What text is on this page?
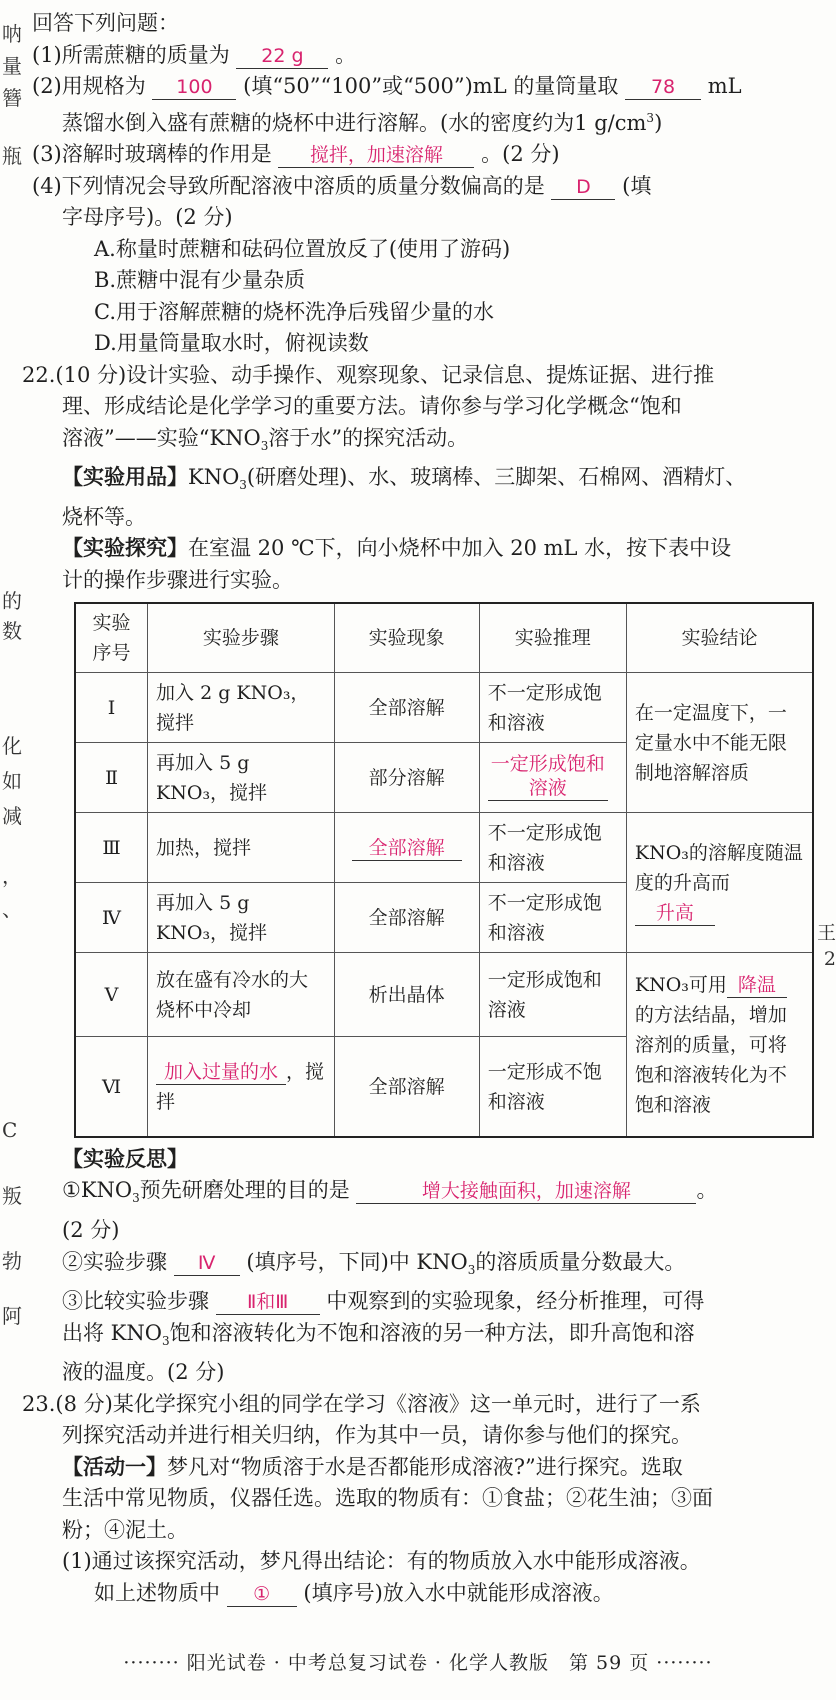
呐
量
簪
瓶
的
数
化
如
减
，
、
C
叛
勃
阿
王
2
回答下列问题：
(1)所需蔗糖的质量为 22 g 。
(2)用规格为 100 (填“50”“100”或“500”)mL 的量筒量取 78 mL
蒸馏水倒入盛有蔗糖的烧杯中进行溶解。(水的密度约为1 $g/cm^3$)
(3)溶解时玻璃棒的作用是 搅拌，加速溶解 。(2 分)
(4)下列情况会导致所配溶液中溶质的质量分数偏高的是 D (填
字母序号)。(2 分)
A.称量时蔗糖和砝码位置放反了(使用了游码)
B.蔗糖中混有少量杂质
C.用于溶解蔗糖的烧杯洗净后残留少量的水
D.用量筒量取水时，俯视读数
22.(10 分)设计实验、动手操作、观察现象、记录信息、提炼证据、进行推
理、形成结论是化学学习的重要方法。请你参与学习化学概念“饱和
溶液”——实验“$KNO_3$溶于水”的探究活动。
【实验用品】$KNO_3$(研磨处理)、水、玻璃棒、三脚架、石棉网、酒精灯、
烧杯等。
【实验探究】在室温 20 ℃下，向小烧杯中加入 20 mL 水，按下表中设
计的操作步骤进行实验。
实验序号	实验步骤	实验现象	实验推理	实验结论
Ⅰ	加入 2 g KNO₃，搅拌	全部溶解	不一定形成饱和溶液	在一定温度下，一定量水中不能无限制地溶解溶质
Ⅱ	再加入 5 g KNO₃，搅拌	部分溶解	一定形成饱和溶液	
Ⅲ	加热，搅拌	全部溶解	不一定形成饱和溶液	KNO₃的溶解度随温度的升高而 升高
Ⅳ	再加入 5 g KNO₃，搅拌	全部溶解	不一定形成饱和溶液	
Ⅴ	放在盛有冷水的大烧杯中冷却	析出晶体	一定形成饱和溶液	KNO₃可用 降温的方法结晶，增加溶剂的质量，可将饱和溶液转化为不饱和溶液
Ⅵ	加入过量的水 ，搅拌	全部溶解	一定形成不饱和溶液	
【实验反思】
$①KNO_3$预先研磨处理的目的是	增大接触面积，加速溶解	。
(2 分)
②实验步骤 Ⅳ (填序号，下同)中 $KNO_3$的溶质质量分数最大。
③比较实验步骤 Ⅱ和Ⅲ 中观察到的实验现象，经分析推理，可得
出将 $KNO_3$饱和溶液转化为不饱和溶液的另一种方法，即升高饱和溶
液的温度。(2 分)
23.(8 分)某化学探究小组的同学在学习《溶液》这一单元时，进行了一系
列探究活动并进行相关归纳，作为其中一员，请你参与他们的探究。
【活动一】梦凡对“物质溶于水是否都能形成溶液?”进行探究。选取
生活中常见物质，仪器任选。选取的物质有：①食盐；②花生油；③面
粉；④泥土。
(1)通过该探究活动，梦凡得出结论：有的物质放入水中能形成溶液。
如上述物质中 ① (填序号)放入水中就能形成溶液。
········ 阳光试卷 · 中考总复习试卷 · 化学人教版　第 59 页 ········
